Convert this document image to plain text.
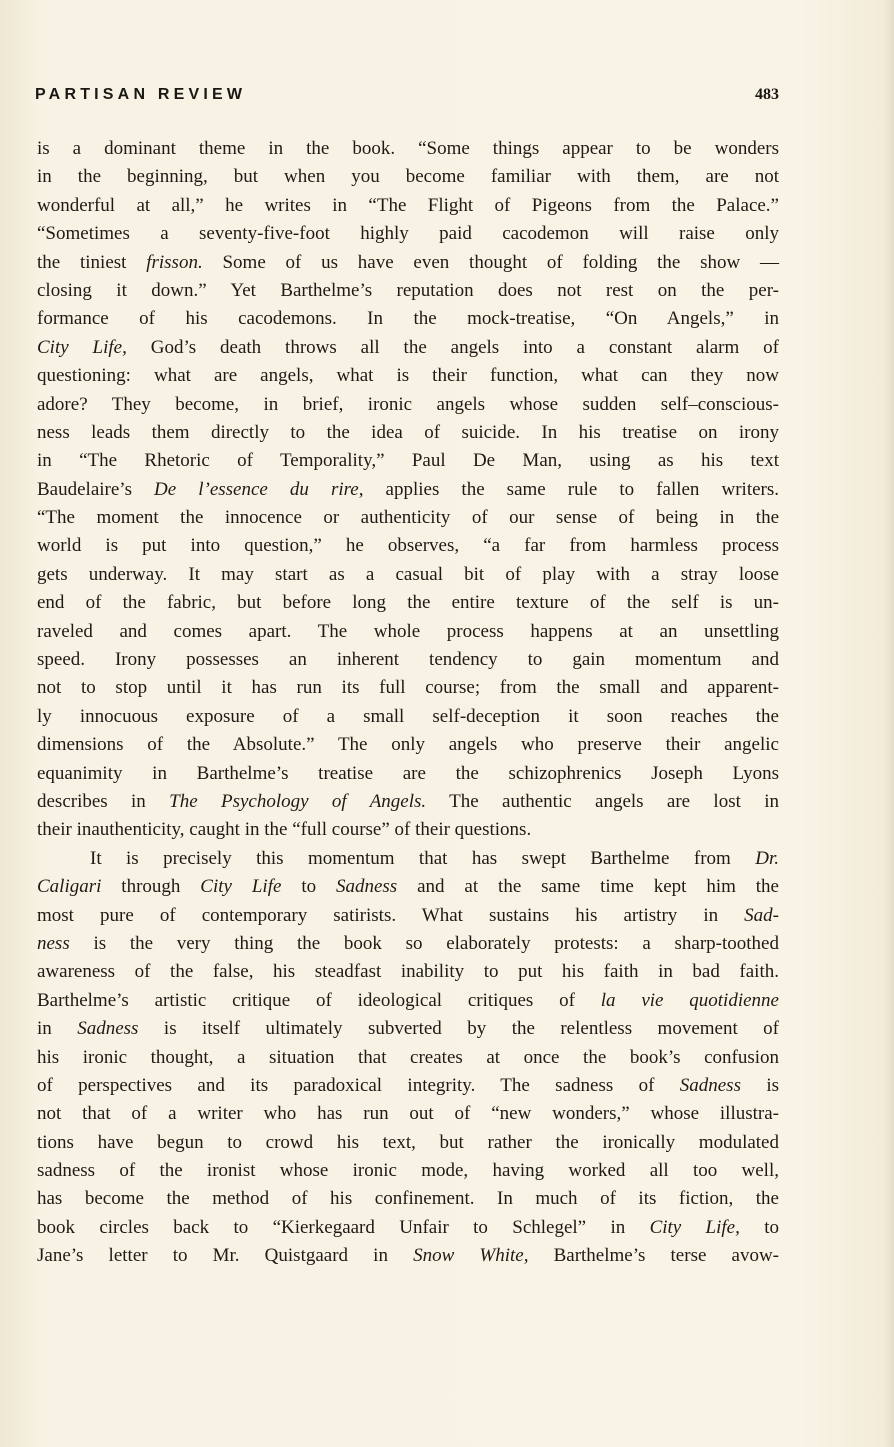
PARTISAN REVIEW	483
is a dominant theme in the book. “Some things appear to be wonders
in the beginning, but when you become familiar with them, are not
wonderful at all,” he writes in “The Flight of Pigeons from the Palace.”
“Sometimes a seventy-five-foot highly paid cacodemon will raise only
the tiniest frisson. Some of us have even thought of folding the show —
closing it down.” Yet Barthelme’s reputation does not rest on the per-
formance of his cacodemons. In the mock-treatise, “On Angels,” in
City Life, God’s death throws all the angels into a constant alarm of
questioning: what are angels, what is their function, what can they now
adore? They become, in brief, ironic angels whose sudden self–conscious-
ness leads them directly to the idea of suicide. In his treatise on irony
in “The Rhetoric of Temporality,” Paul De Man, using as his text
Baudelaire’s De l’essence du rire, applies the same rule to fallen writers.
“The moment the innocence or authenticity of our sense of being in the
world is put into question,” he observes, “a far from harmless process
gets underway. It may start as a casual bit of play with a stray loose
end of the fabric, but before long the entire texture of the self is un-
raveled and comes apart. The whole process happens at an unsettling
speed. Irony possesses an inherent tendency to gain momentum and
not to stop until it has run its full course; from the small and apparent-
ly innocuous exposure of a small self-deception it soon reaches the
dimensions of the Absolute.” The only angels who preserve their angelic
equanimity in Barthelme’s treatise are the schizophrenics Joseph Lyons
describes in The Psychology of Angels. The authentic angels are lost in
their inauthenticity, caught in the “full course” of their questions.
It is precisely this momentum that has swept Barthelme from Dr.
Caligari through City Life to Sadness and at the same time kept him the
most pure of contemporary satirists. What sustains his artistry in Sad-
ness is the very thing the book so elaborately protests: a sharp-toothed
awareness of the false, his steadfast inability to put his faith in bad faith.
Barthelme’s artistic critique of ideological critiques of la vie quotidienne
in Sadness is itself ultimately subverted by the relentless movement of
his ironic thought, a situation that creates at once the book’s confusion
of perspectives and its paradoxical integrity. The sadness of Sadness is
not that of a writer who has run out of “new wonders,” whose illustra-
tions have begun to crowd his text, but rather the ironically modulated
sadness of the ironist whose ironic mode, having worked all too well,
has become the method of his confinement. In much of its fiction, the
book circles back to “Kierkegaard Unfair to Schlegel” in City Life, to
Jane’s letter to Mr. Quistgaard in Snow White, Barthelme’s terse avow-
